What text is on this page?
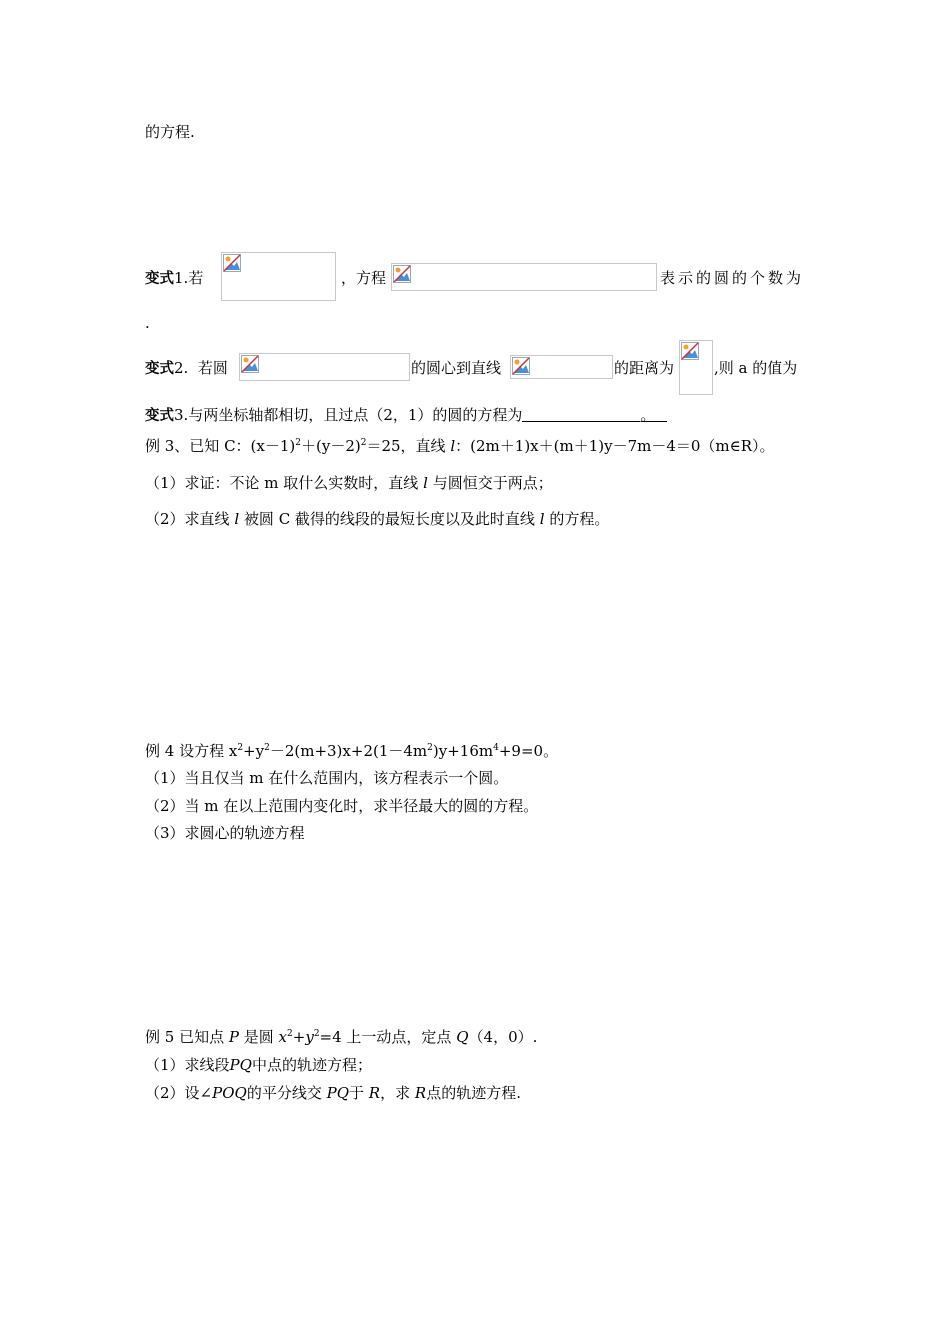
的方程.
变式1.若	，方程	表示的圆的个数为
.
变式2. 若圆	的圆心到直线	的距离为	,则 a 的值为
变式3.与两坐标轴都相切，且过点（2，1）的圆的方程为	。
例 3、已知 C：$(x-1)^2+(y-2)^2=25$，直线 l：(2m＋1)x＋(m＋1)y－7m－4＝0（m∈R）。
（1）求证：不论 m 取什么实数时，直线 l 与圆恒交于两点；
（2）求直线 l 被圆 C 截得的线段的最短长度以及此时直线 l 的方程。
例 4 设方程 $x^2+y^2-2(m+3)x+2(1-4m^2)y+16m^4+9=0$。
（1）当且仅当 m 在什么范围内，该方程表示一个圆。
（2）当 m 在以上范围内变化时，求半径最大的圆的方程。
（3）求圆心的轨迹方程
例 5 已知点 P 是圆 $x^2+y^2=4$ 上一动点，定点 Q（4，0）.
（1）求线段PQ中点的轨迹方程；
（2）设∠POQ的平分线交 PQ于 R，求 R点的轨迹方程.
